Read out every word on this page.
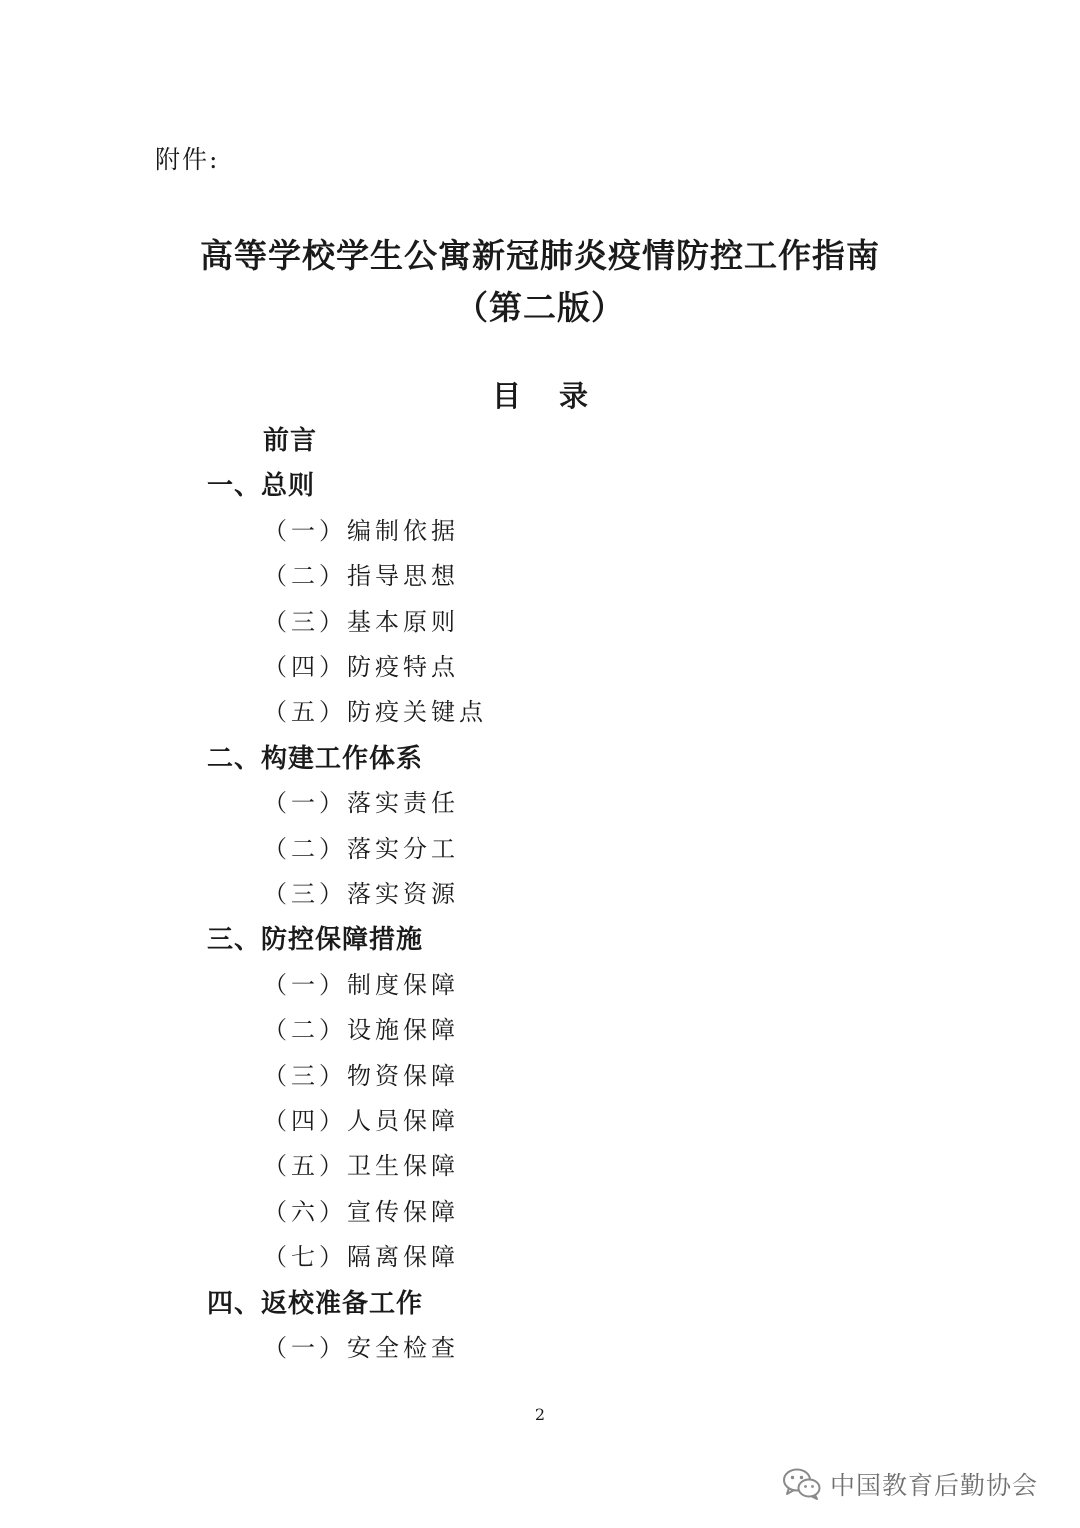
附件:
高等学校学生公寓新冠肺炎疫情防控工作指南
（第二版）
目录
前言
一、总则
（一）编制依据
（二）指导思想
（三）基本原则
（四）防疫特点
（五）防疫关键点
二、构建工作体系
（一）落实责任
（二）落实分工
（三）落实资源
三、防控保障措施
（一）制度保障
（二）设施保障
（三）物资保障
（四）人员保障
（五）卫生保障
（六）宣传保障
（七）隔离保障
四、返校准备工作
（一）安全检查
2
中国教育后勤协会
